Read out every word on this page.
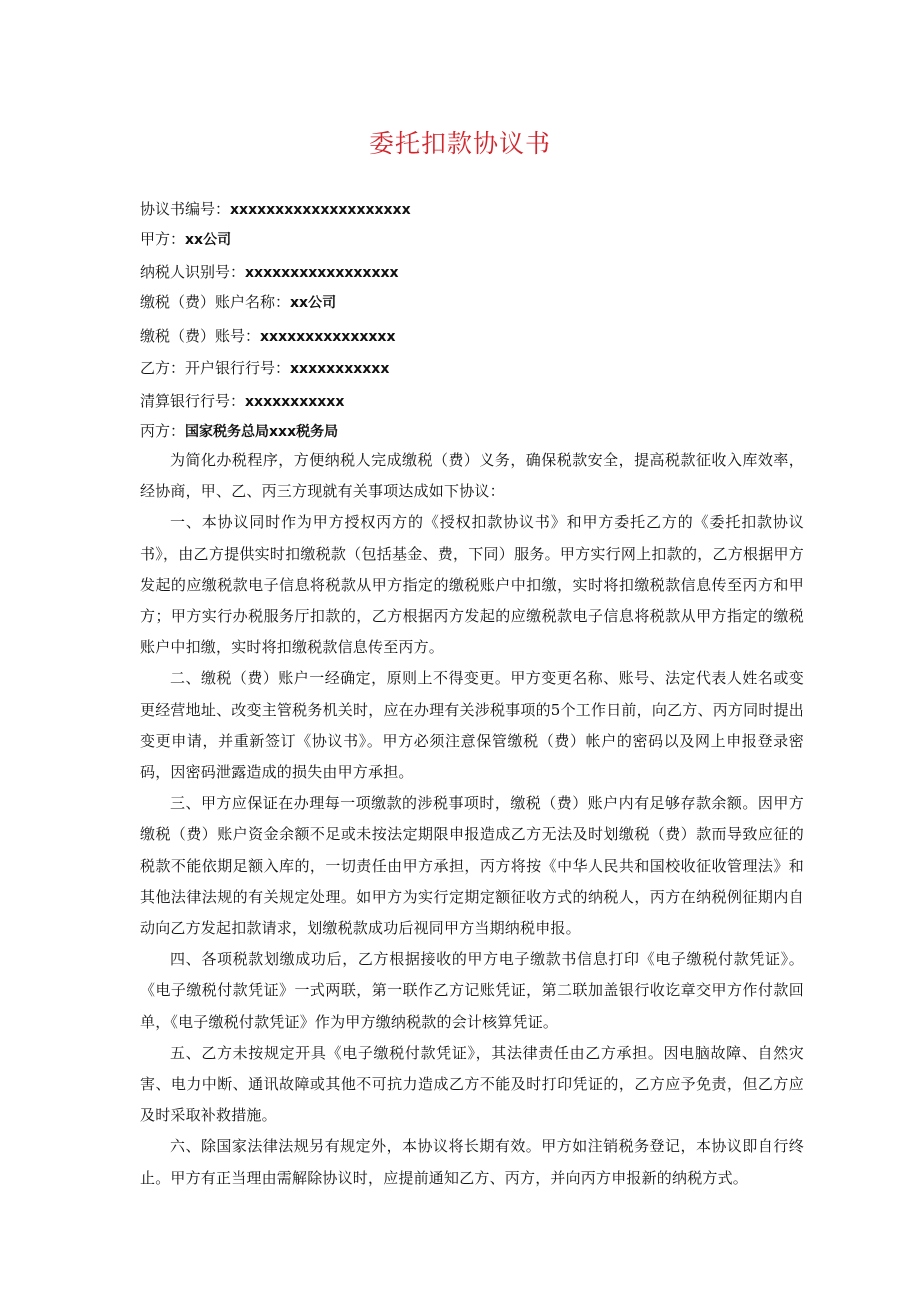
委托扣款协议书
协议书编号：xxxxxxxxxxxxxxxxxxxx
甲方：xx公司
纳税人识别号：xxxxxxxxxxxxxxxxx
缴税（费）账户名称：xx公司
缴税（费）账号：xxxxxxxxxxxxxxx
乙方：开户银行行号：xxxxxxxxxxx
清算银行行号：xxxxxxxxxxx
丙方：国家税务总局xxx税务局

为简化办税程序，方便纳税人完成缴税（费）义务，确保税款安全，提高税款征收入库效率，经协商，甲、乙、丙三方现就有关事项达成如下协议：

一、本协议同时作为甲方授权丙方的《授权扣款协议书》和甲方委托乙方的《委托扣款协议书》，由乙方提供实时扣缴税款（包括基金、费，下同）服务。甲方实行网上扣款的，乙方根据甲方发起的应缴税款电子信息将税款从甲方指定的缴税账户中扣缴，实时将扣缴税款信息传至丙方和甲方；甲方实行办税服务厅扣款的，乙方根据丙方发起的应缴税款电子信息将税款从甲方指定的缴税账户中扣缴，实时将扣缴税款信息传至丙方。

二、缴税（费）账户一经确定，原则上不得变更。甲方变更名称、账号、法定代表人姓名或变更经营地址、改变主管税务机关时，应在办理有关涉税事项的5个工作日前，向乙方、丙方同时提出变更申请，并重新签订《协议书》。甲方必须注意保管缴税（费）帐户的密码以及网上申报登录密码，因密码泄露造成的损失由甲方承担。

三、甲方应保证在办理每一项缴款的涉税事项时，缴税（费）账户内有足够存款余额。因甲方缴税（费）账户资金余额不足或未按法定期限申报造成乙方无法及时划缴税（费）款而导致应征的税款不能依期足额入库的，一切责任由甲方承担，丙方将按《中华人民共和国校收征收管理法》和其他法律法规的有关规定处理。如甲方为实行定期定额征收方式的纳税人，丙方在纳税例征期内自动向乙方发起扣款请求，划缴税款成功后视同甲方当期纳税申报。

四、各项税款划缴成功后，乙方根据接收的甲方电子缴款书信息打印《电子缴税付款凭证》。《电子缴税付款凭证》一式两联，第一联作乙方记账凭证，第二联加盖银行收讫章交甲方作付款回单，《电子缴税付款凭证》作为甲方缴纳税款的会计核算凭证。

五、乙方未按规定开具《电子缴税付款凭证》，其法律责任由乙方承担。因电脑故障、自然灾害、电力中断、通讯故障或其他不可抗力造成乙方不能及时打印凭证的，乙方应予免责，但乙方应及时采取补救措施。

六、除国家法律法规另有规定外，本协议将长期有效。甲方如注销税务登记，本协议即自行终止。甲方有正当理由需解除协议时，应提前通知乙方、丙方，并向丙方申报新的纳税方式。
